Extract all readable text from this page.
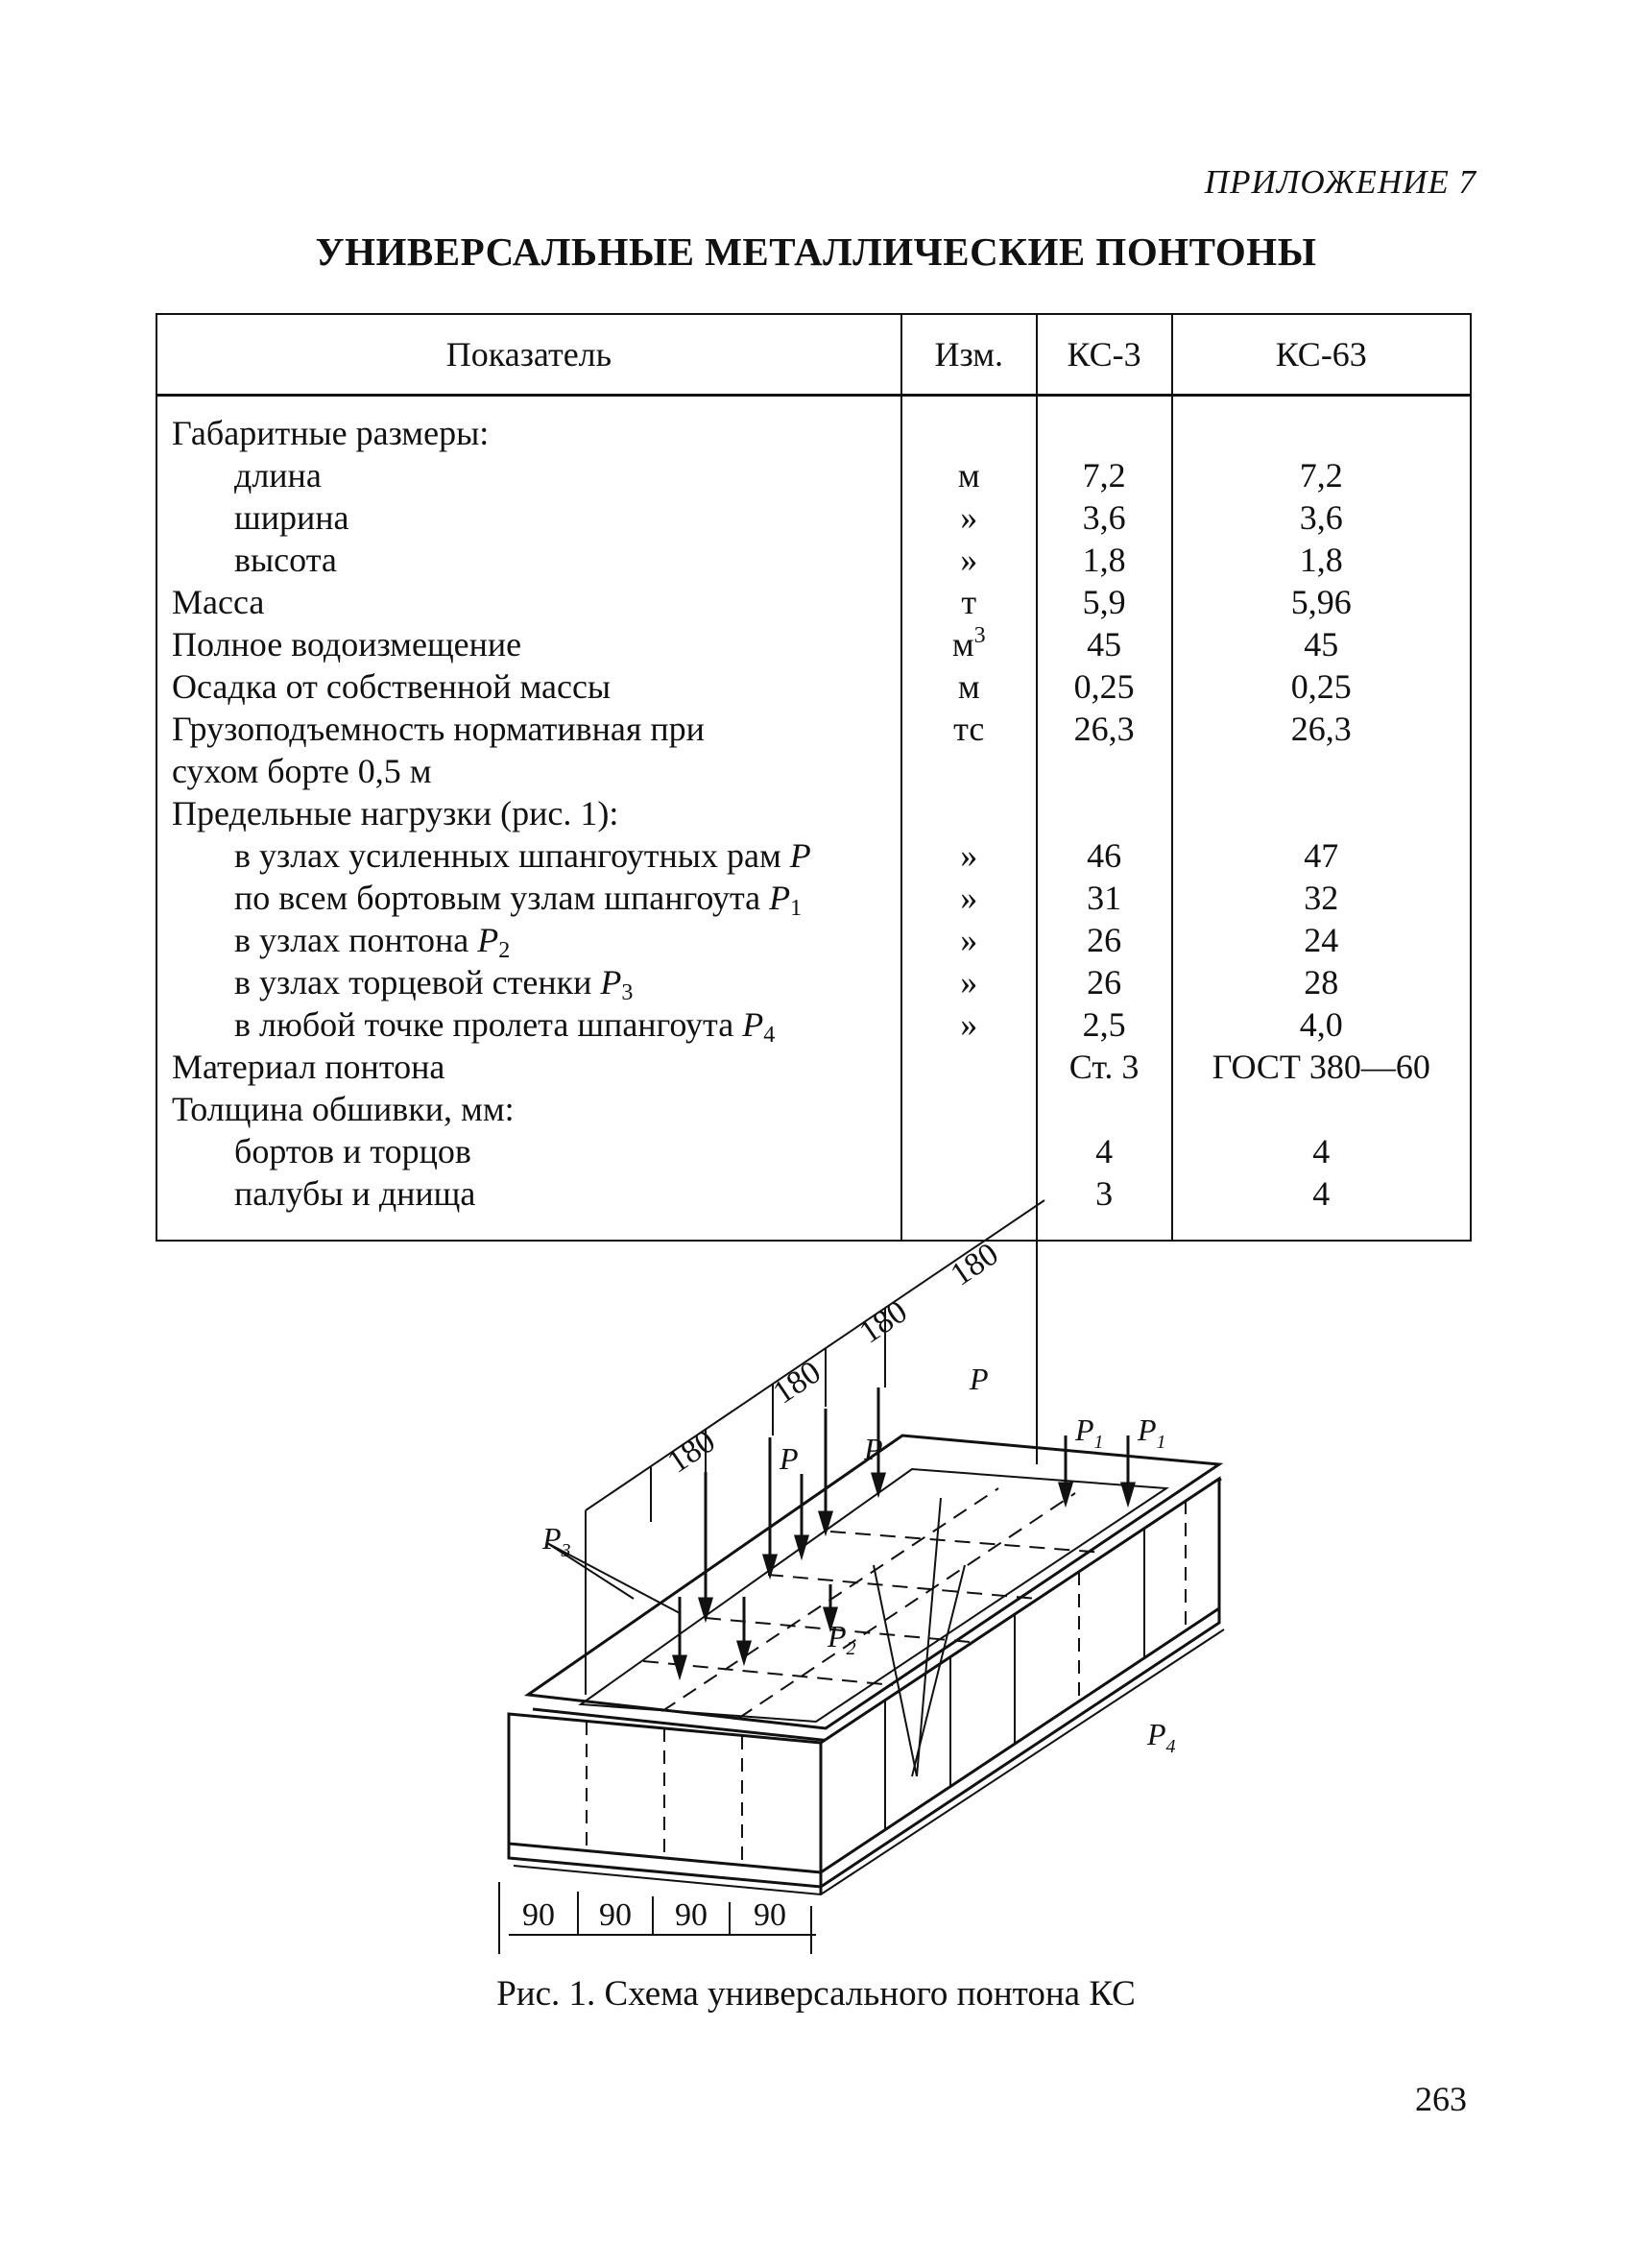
ПРИЛОЖЕНИЕ 7
УНИВЕРСАЛЬНЫЕ МЕТАЛЛИЧЕСКИЕ ПОНТОНЫ
Показатель	Изм.	КС-3	КС-63
Габаритные размеры:			
длина	м	7,2	7,2
ширина	»	3,6	3,6
высота	»	1,8	1,8
Масса	т	5,9	5,96
Полное водоизмещение	$м^3$	45	45
Осадка от собственной массы	м	0,25	0,25
Грузоподъемность нормативная при	тс	26,3	26,3
сухом борте 0,5 м			
Предельные нагрузки (рис. 1):			
в узлах усиленных шпангоутных рам P	»	46	47
по всем бортовым узлам шпангоута $P_1$	»	31	32
в узлах понтона $P_2$	»	26	24
в узлах торцевой стенки $P_3$	»	26	28
в любой точке пролета шпангоута $P_4$	»	2,5	4,0
Материал понтона		Ст. 3	ГОСТ 380—60
Толщина обшивки, мм:			
бортов и торцов		4	4
палубы и днища		3	4
180
180
180
180
90 90 90 90
P
P P
$P_1$ $P_1$
$P_2$
$P_3$
$P_4$
Рис. 1. Схема универсального понтона КС
263
